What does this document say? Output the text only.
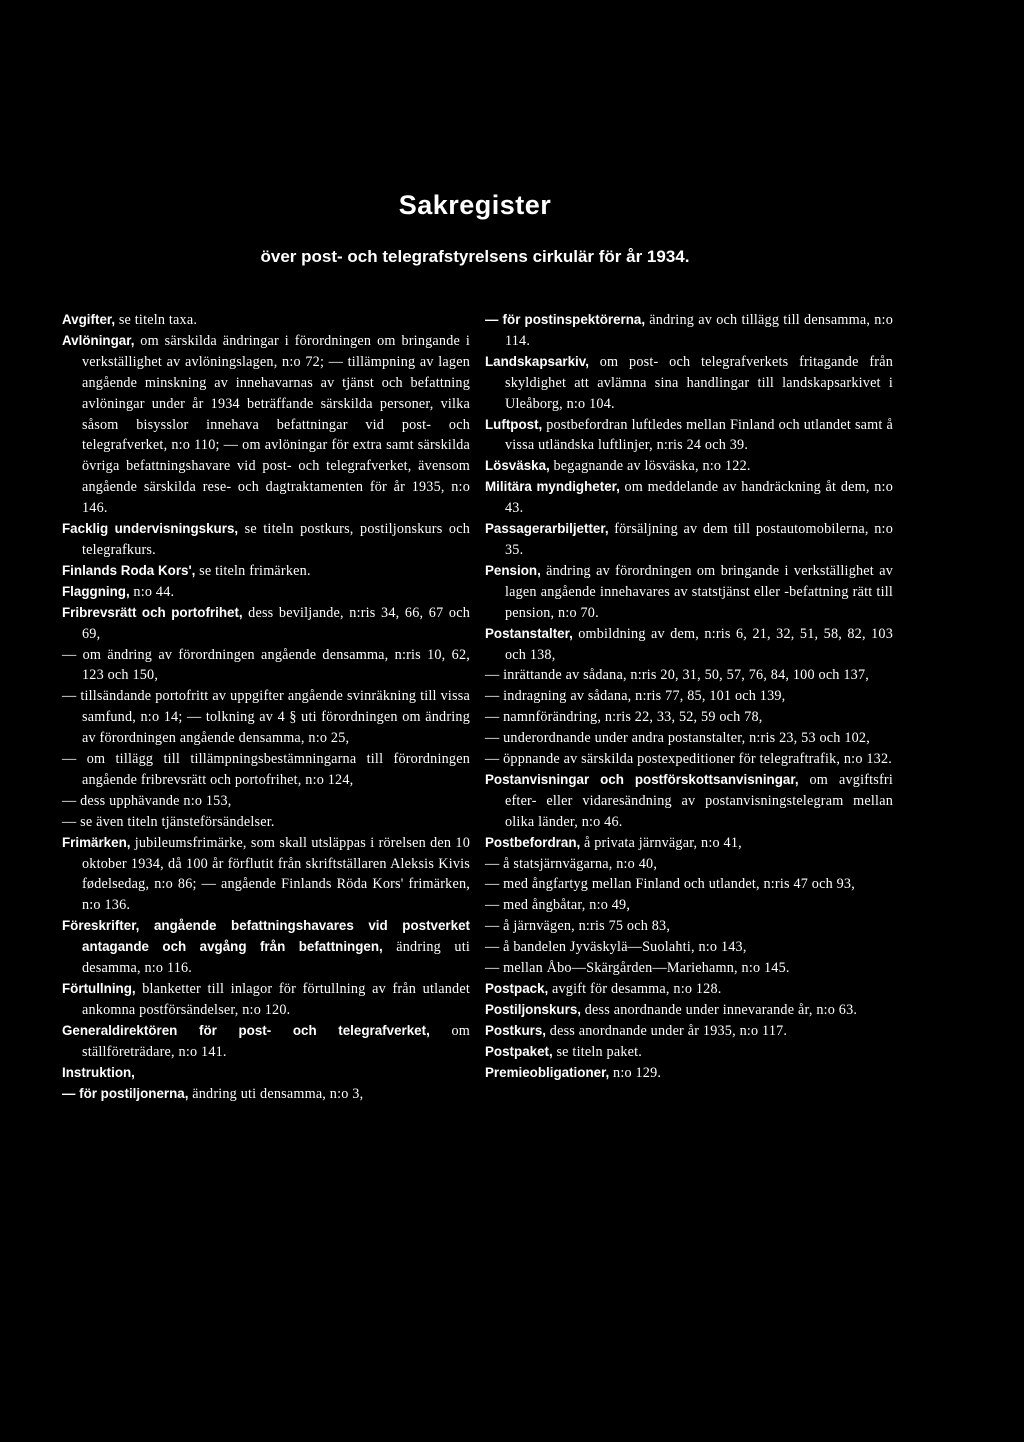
Sakregister
över post- och telegrafstyrelsens cirkulär för år 1934.

Avgifter, se titeln taxa.

Avlöningar, om särskilda ändringar i förordningen om bringande i verkställighet av avlöningslagen, n:o 72; — tillämpning av lagen angående minskning av innehavarnas av tjänst och befattning avlöningar under år 1934 beträffande särskilda personer, vilka såsom bisysslor innehava befattningar vid post- och telegrafverket, n:o 110; — om avlöningar för extra samt särskilda övriga befattningshavare vid post- och telegrafverket, ävensom angående särskilda rese- och dagtraktamenten för år 1935, n:o 146.

Facklig undervisningskurs, se titeln postkurs, postiljonskurs och telegrafkurs.

Finlands Roda Kors', se titeln frimärken.

Flaggning, n:o 44.

Fribrevsrätt och portofrihet, dess beviljande, n:ris 34, 66, 67 och 69,

— om ändring av förordningen angående densamma, n:ris 10, 62, 123 och 150,

— tillsändande portofritt av uppgifter angående svinräkning till vissa samfund, n:o 14; — tolkning av 4 § uti förordningen om ändring av förordningen angående densamma, n:o 25,

— om tillägg till tillämpningsbestämningarna till förordningen angående fribrevsrätt och portofrihet, n:o 124,

— dess upphävande n:o 153,

— se även titeln tjänsteförsändelser.

Frimärken, jubileumsfrimärke, som skall utsläppas i rörelsen den 10 oktober 1934, då 100 år förflutit från skriftställaren Aleksis Kivis fødelsedag, n:o 86; — angående Finlands Röda Kors' frimärken, n:o 136.

Föreskrifter, angående befattningshavares vid postverket antagande och avgång från befattningen, ändring uti desamma, n:o 116.

Förtullning, blanketter till inlagor för förtullning av från utlandet ankomna postförsändelser, n:o 120.

Generaldirektören för post- och telegrafverket, om ställföreträdare, n:o 141.

Instruktion,

— för postiljonerna, ändring uti densamma, n:o 3,

— för postinspektörerna, ändring av och tillägg till densamma, n:o 114.

Landskapsarkiv, om post- och telegrafverkets fritagande från skyldighet att avlämna sina handlingar till landskapsarkivet i Uleåborg, n:o 104.

Luftpost, postbefordran luftledes mellan Finland och utlandet samt å vissa utländska luftlinjer, n:ris 24 och 39.

Lösväska, begagnande av lösväska, n:o 122.

Militära myndigheter, om meddelande av handräckning åt dem, n:o 43.

Passagerarbiljetter, försäljning av dem till postautomobilerna, n:o 35.

Pension, ändring av förordningen om bringande i verkställighet av lagen angående innehavares av statstjänst eller -befattning rätt till pension, n:o 70.

Postanstalter, ombildning av dem, n:ris 6, 21, 32, 51, 58, 82, 103 och 138,

— inrättande av sådana, n:ris 20, 31, 50, 57, 76, 84, 100 och 137,

— indragning av sådana, n:ris 77, 85, 101 och 139,

— namnförändring, n:ris 22, 33, 52, 59 och 78,

— underordnande under andra postanstalter, n:ris 23, 53 och 102,

— öppnande av särskilda postexpeditioner för telegraftrafik, n:o 132.

Postanvisningar och postförskottsanvisningar, om avgiftsfri efter- eller vidaresändning av postanvisningstelegram mellan olika länder, n:o 46.

Postbefordran, å privata järnvägar, n:o 41,

— å statsjärnvägarna, n:o 40,

— med ångfartyg mellan Finland och utlandet, n:ris 47 och 93,

— med ångbåtar, n:o 49,

— å järnvägen, n:ris 75 och 83,

— å bandelen Jyväskylä—Suolahti, n:o 143,

— mellan Åbo—Skärgården—Mariehamn, n:o 145.

Postpack, avgift för desamma, n:o 128.

Postiljonskurs, dess anordnande under innevarande år, n:o 63.

Postkurs, dess anordnande under år 1935, n:o 117.

Postpaket, se titeln paket.

Premieobligationer, n:o 129.
